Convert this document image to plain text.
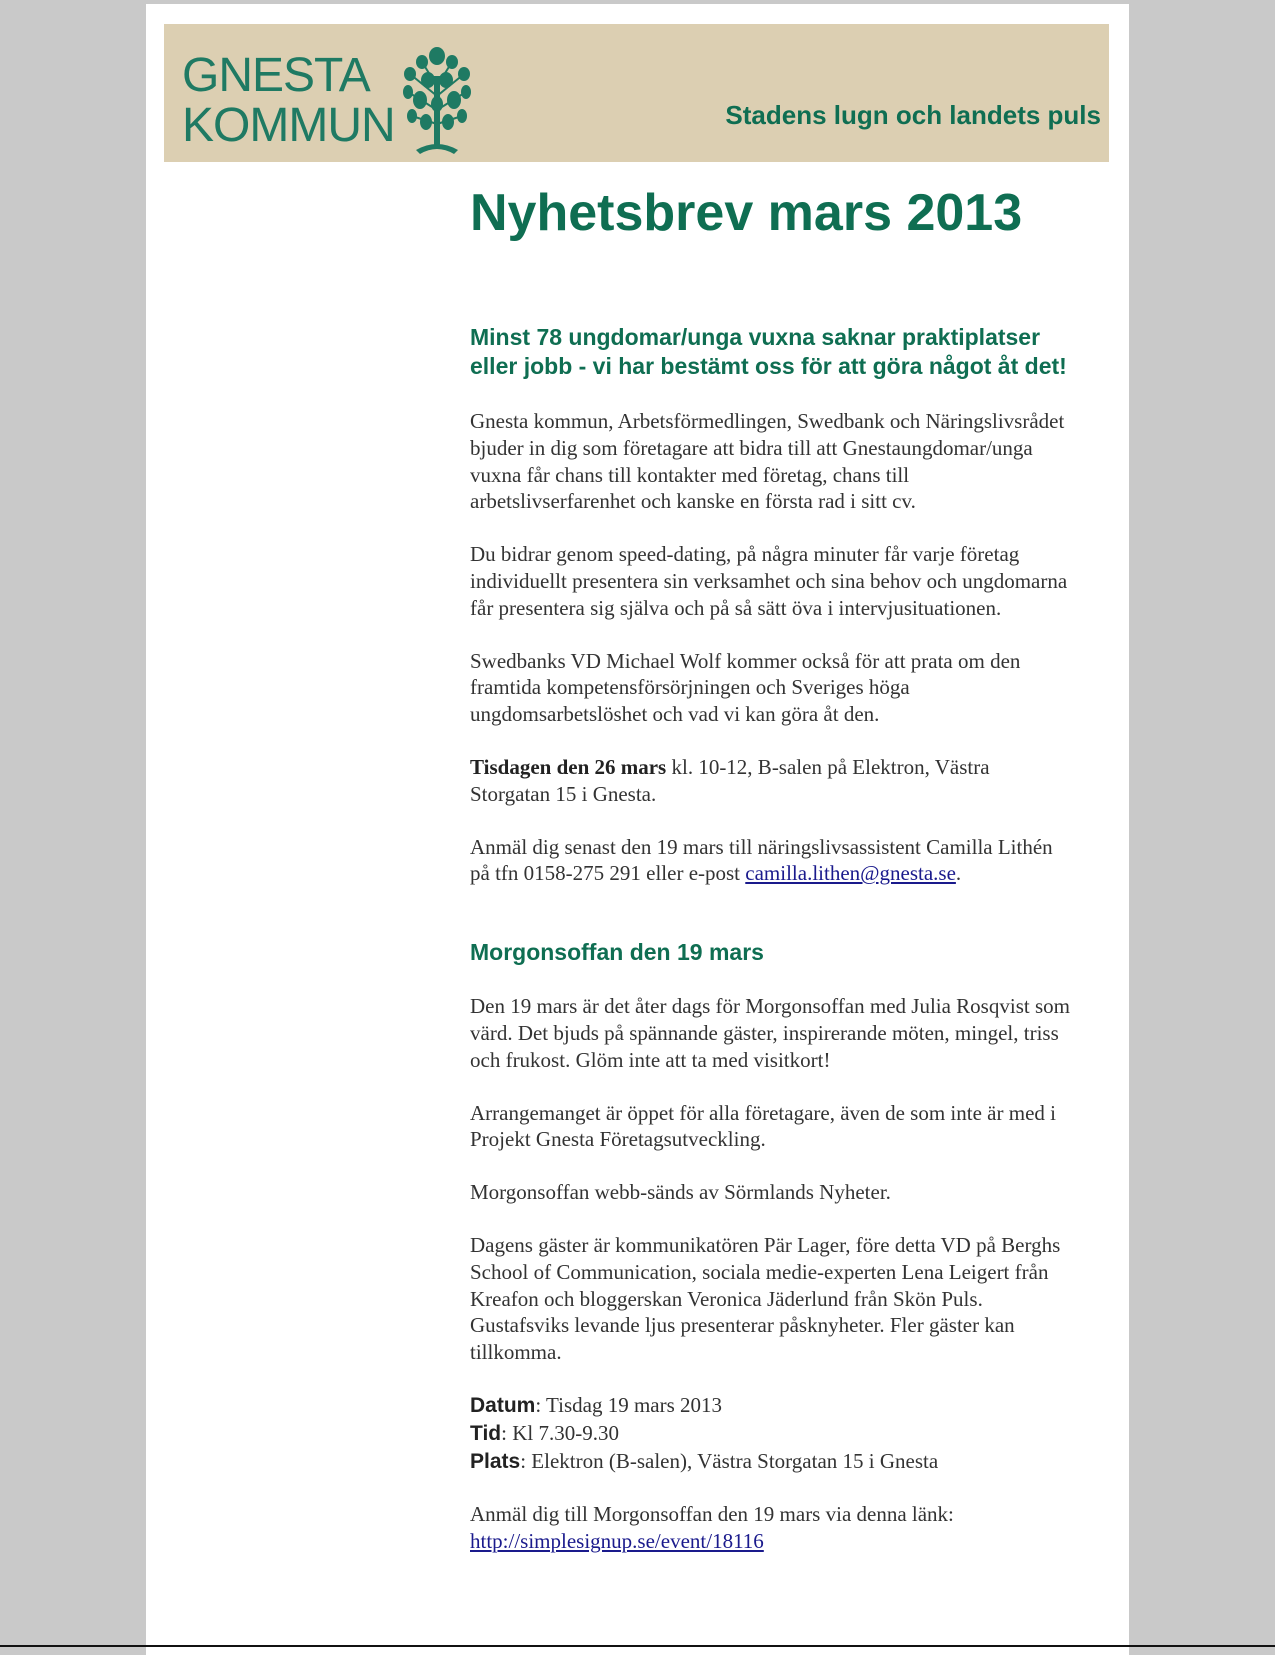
GNESTA
KOMMUN	Stadens lugn och landets puls
Nyhetsbrev mars 2013
Minst 78 ungdomar/unga vuxna saknar praktiplatser eller jobb - vi har bestämt oss för att göra något åt det!

Gnesta kommun, Arbetsförmedlingen, Swedbank och Näringslivsrådet bjuder in dig som företagare att bidra till att Gnestaungdomar/unga vuxna får chans till kontakter med företag, chans till arbetslivserfarenhet och kanske en första rad i sitt cv.

Du bidrar genom speed-dating, på några minuter får varje företag individuellt presentera sin verksamhet och sina behov och ungdomarna får presentera sig själva och på så sätt öva i intervjusituationen.

Swedbanks VD Michael Wolf kommer också för att prata om den framtida kompetensförsörjningen och Sveriges höga ungdomsarbetslöshet och vad vi kan göra åt den.

Tisdagen den 26 mars kl. 10-12, B-salen på Elektron, Västra Storgatan 15 i Gnesta.

Anmäl dig senast den 19 mars till näringslivsassistent Camilla Lithén på tfn 0158-275 291 eller e-post camilla.lithen@gnesta.se.

Morgonsoffan den 19 mars

Den 19 mars är det åter dags för Morgonsoffan med Julia Rosqvist som värd. Det bjuds på spännande gäster, inspirerande möten, mingel, triss och frukost. Glöm inte att ta med visitkort!

Arrangemanget är öppet för alla företagare, även de som inte är med i Projekt Gnesta Företagsutveckling.

Morgonsoffan webb-sänds av Sörmlands Nyheter.

Dagens gäster är kommunikatören Pär Lager, före detta VD på Berghs School of Communication, sociala medie-experten Lena Leigert från Kreafon och bloggerskan Veronica Jäderlund från Skön Puls. Gustafsviks levande ljus presenterar påsknyheter. Fler gäster kan tillkomma.

Datum: Tisdag 19 mars 2013
Tid: Kl 7.30-9.30
Plats: Elektron (B-salen), Västra Storgatan 15 i Gnesta

Anmäl dig till Morgonsoffan den 19 mars via denna länk:
http://simplesignup.se/event/18116
